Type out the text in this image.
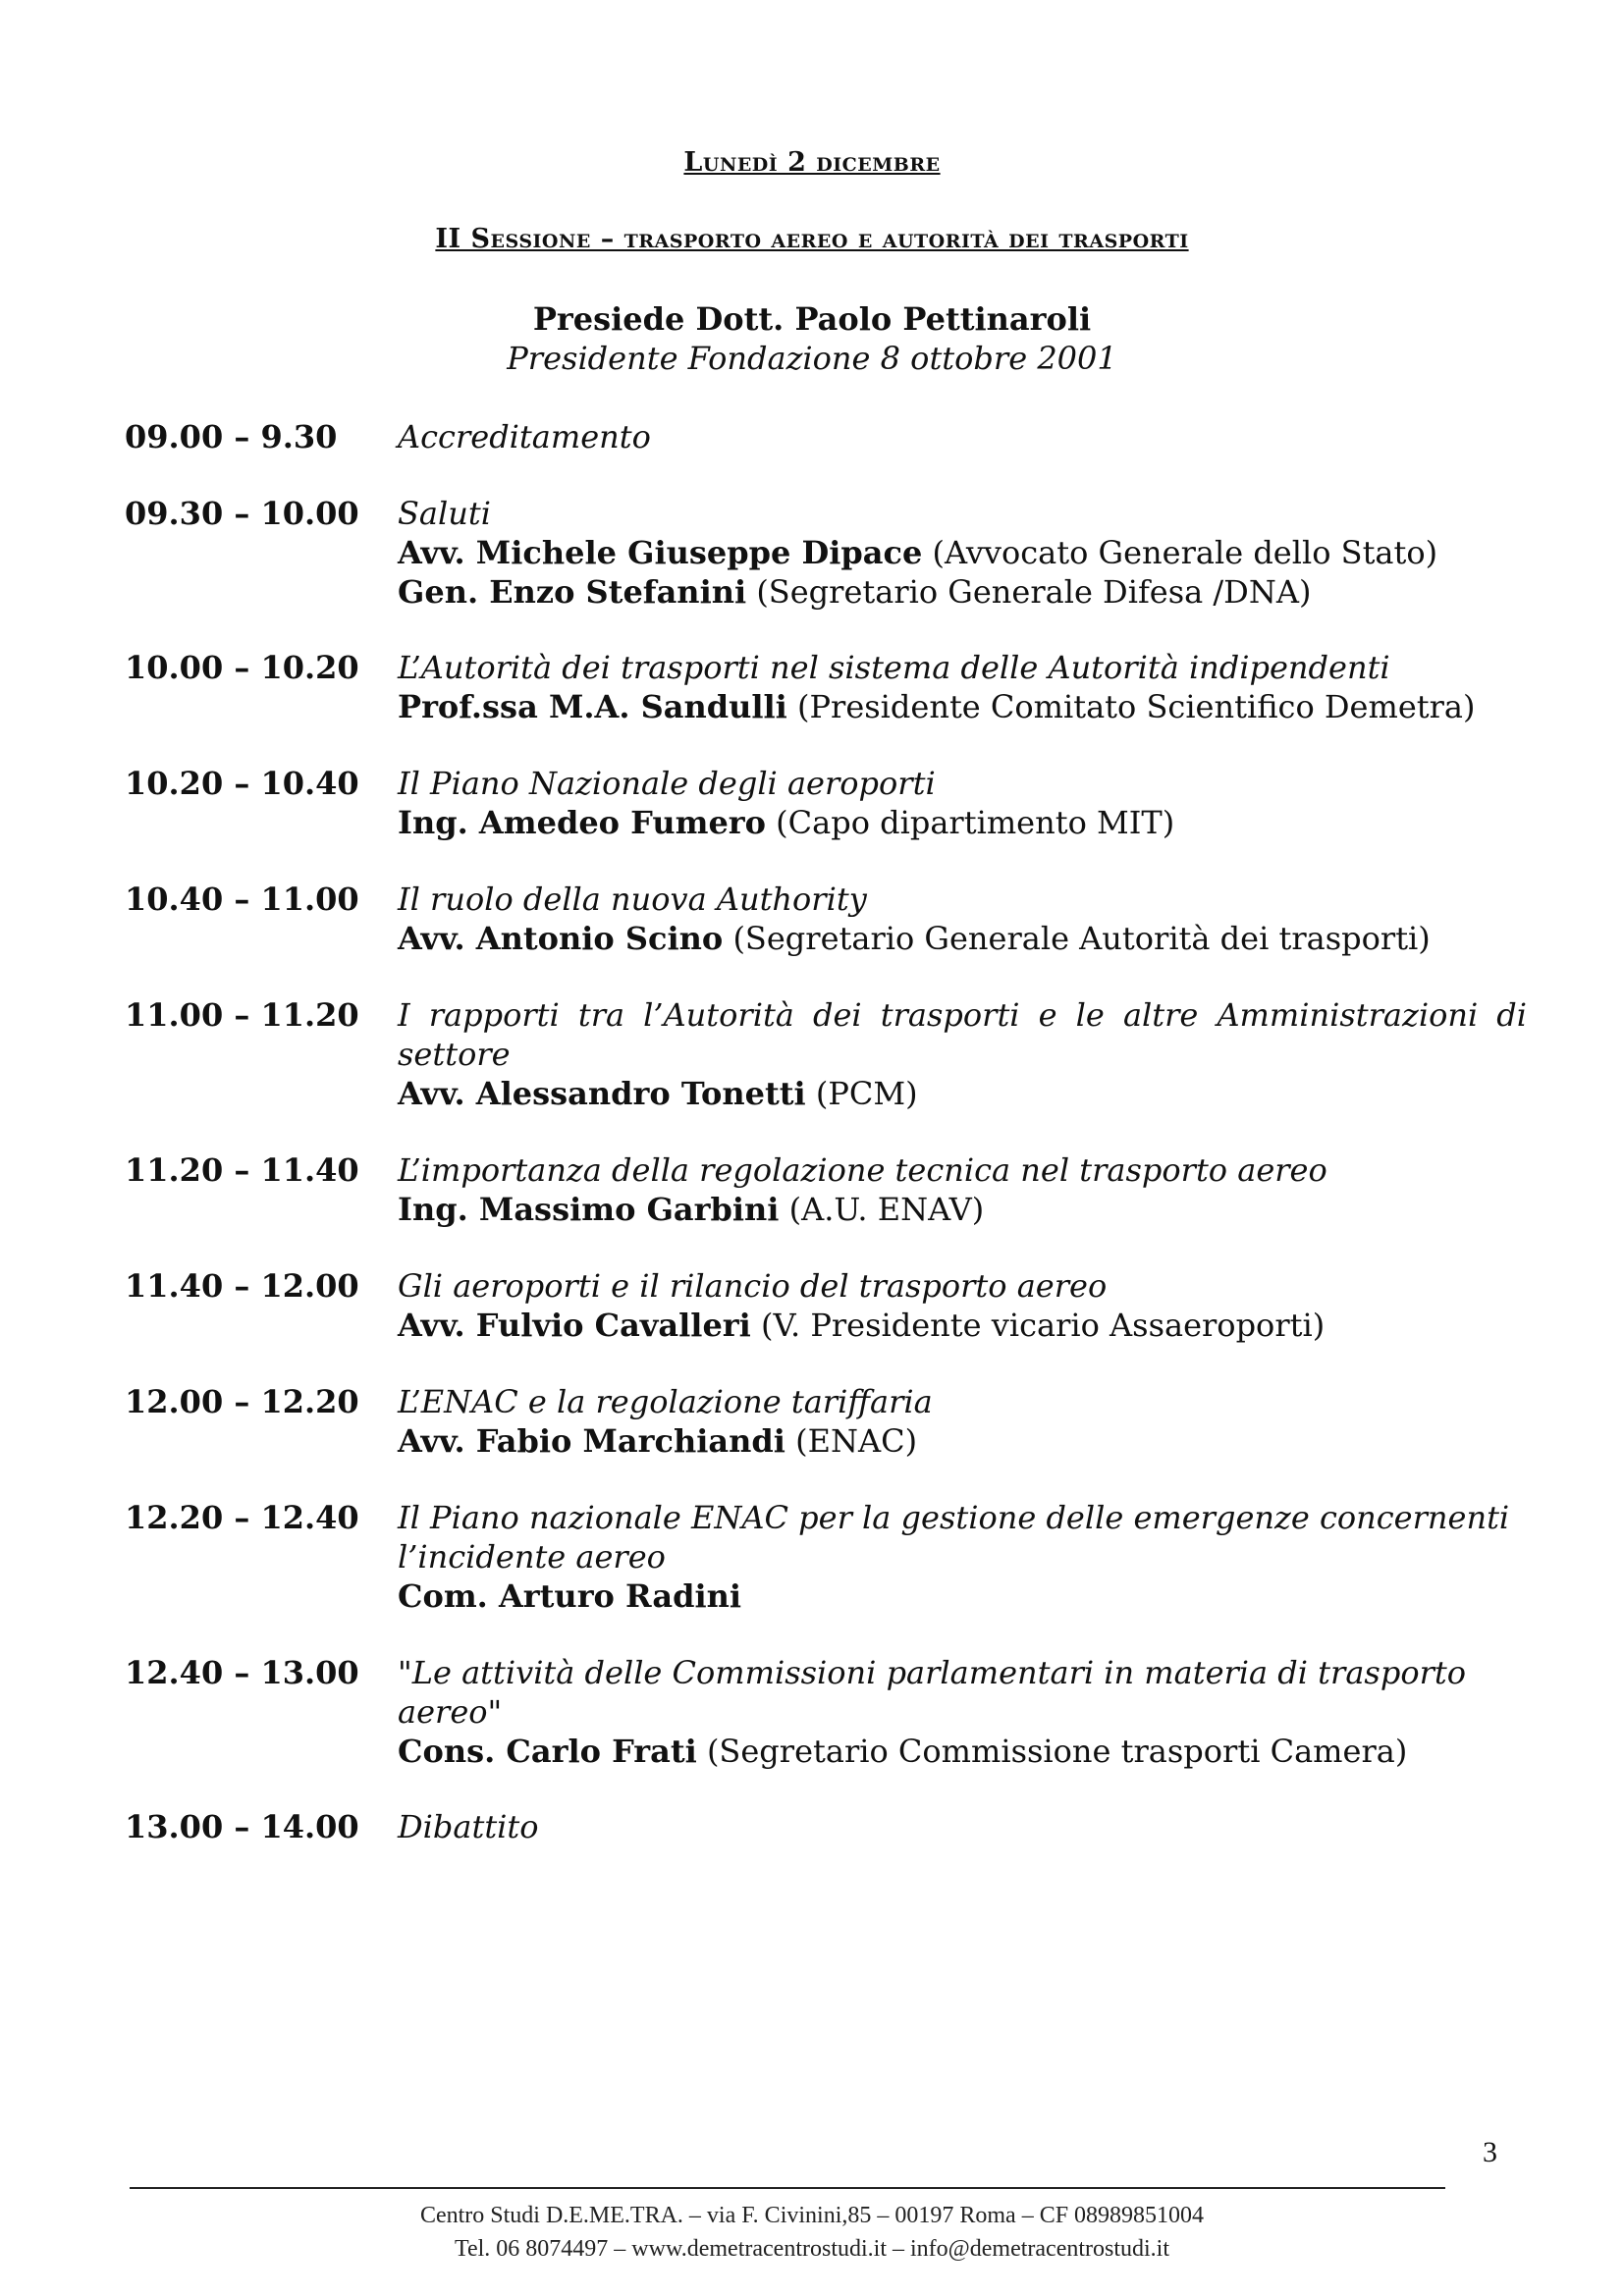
Lunedì 2 dicembre
II Sessione – trasporto aereo e autorità dei trasporti
Presiede Dott. Paolo Pettinaroli
Presidente Fondazione 8 ottobre 2001
09.00 – 9.30 Accreditamento
09.30 – 10.00 Saluti
Avv. Michele Giuseppe Dipace (Avvocato Generale dello Stato)
Gen. Enzo Stefanini (Segretario Generale Difesa /DNA)
10.00 – 10.20 L’Autorità dei trasporti nel sistema delle Autorità indipendenti
Prof.ssa M.A. Sandulli (Presidente Comitato Scientifico Demetra)
10.20 – 10.40 Il Piano Nazionale degli aeroporti
Ing. Amedeo Fumero (Capo dipartimento MIT)
10.40 – 11.00 Il ruolo della nuova Authority
Avv. Antonio Scino (Segretario Generale Autorità dei trasporti)
11.00 – 11.20 I rapporti tra l’Autorità dei trasporti e le altre Amministrazioni di settore
Avv. Alessandro Tonetti (PCM)
11.20 – 11.40 L’importanza della regolazione tecnica nel trasporto aereo
Ing. Massimo Garbini (A.U. ENAV)
11.40 – 12.00 Gli aeroporti e il rilancio del trasporto aereo
Avv. Fulvio Cavalleri (V. Presidente vicario Assaeroporti)
12.00 – 12.20 L’ENAC e la regolazione tariffaria
Avv. Fabio Marchiandi (ENAC)
12.20 – 12.40 Il Piano nazionale ENAC per la gestione delle emergenze concernenti l’incidente aereo
Com. Arturo Radini
12.40 – 13.00 "Le attività delle Commissioni parlamentari in materia di trasporto aereo"
Cons. Carlo Frati (Segretario Commissione trasporti Camera)
13.00 – 14.00 Dibattito
3
Centro Studi D.E.ME.TRA. – via F. Civinini,85 – 00197 Roma – CF 08989851004
Tel. 06 8074497 – www.demetracentrostudi.it – info@demetracentrostudi.it
